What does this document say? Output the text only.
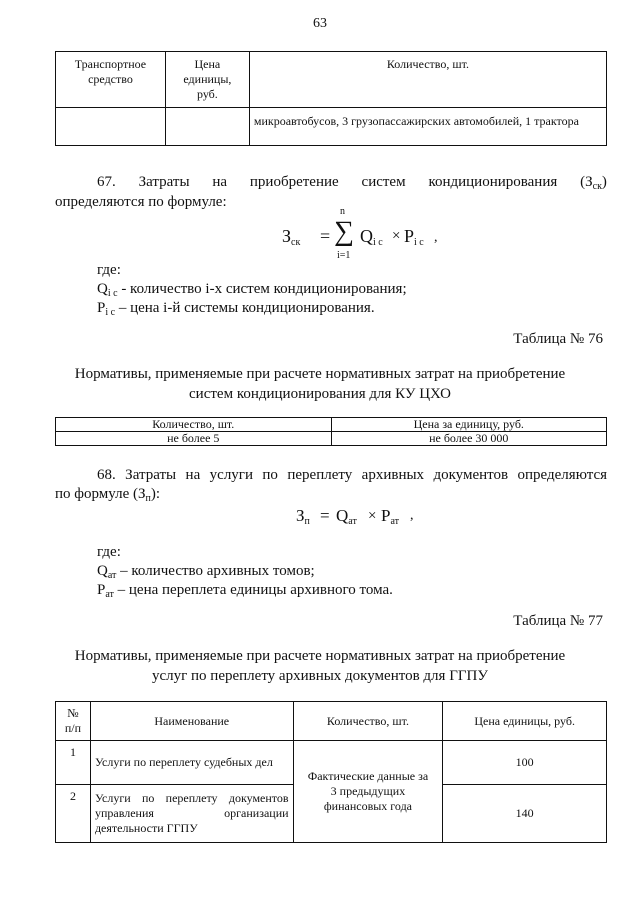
63
Транспортное средство	Цена единицы, руб.	Количество, шт.
		микроавтобусов, 3 грузопассажирских автомобилей, 1 трактора
67. Затраты на приобретение систем кондиционирования $(З_{ск})$
определяются по формуле:
$З_{ск}$ =
n
∑
i=1
$Q_{i c} \times P_{i c}$ ,
где:
$Q_{i c}$ - количество i-х систем кондиционирования;
$P_{i c}$ – цена i-й системы кондиционирования.
Таблица № 76
Нормативы, применяемые при расчете нормативных затрат на приобретение
систем кондиционирования для КУ ЦХО
Количество, шт.	Цена за единицу, руб.
не более 5	не более 30 000
68. Затраты на услуги по переплету архивных документов определяются
по формуле $(З_п)$:
$З_п = Q_{ат} \times P_{ат}$ ,
где:
$Q_{ат}$ – количество архивных томов;
$P_{ат}$ – цена переплета единицы архивного тома.
Таблица № 77
Нормативы, применяемые при расчете нормативных затрат на приобретение
услуг по переплету архивных документов для ГГПУ
№ п/п	Наименование	Количество, шт.	Цена единицы, руб.
1	Услуги по переплету судебных дел	Фактические данные за 3 предыдущих финансовых года	100
2	Услуги по переплету документов управления организации деятельности ГГПУ		140
